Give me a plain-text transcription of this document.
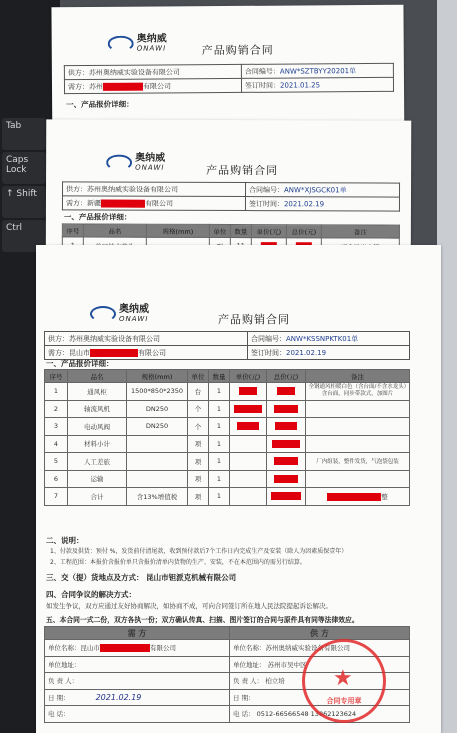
Tab
Caps Lock
↑ Shift
Ctrl
奥纳威
ONAWI	产品购销合同
供方：苏州奥纳威实验设备有限公司	合同编号：ANW*SZTBYY20201单
需方：苏州 有限公司	签订时间：2021.01.25
一、产品报价详细：
奥纳威
ONAWI	产品购销合同
供方：苏州奥纳威实验设备有限公司	合同编号：ANW*XJSGCK01单
需方：新疆 有限公司	签订时间：2021.02.19
一、产品报价详细：
序号	品名	规格(mm)	单位	数量	单价(元)	总价(元)	备注

奥纳威
ONAWI	产品购销合同
供方：苏州奥纳威实验设备有限公司	合同编号：ANW*KSSNPKTK01单
需方：昆山市 有限公司	签订时间：2021.02.19
一、产品报价详细：
序号	品名	规格(mm)	单位	数量	单价(元)	总价(元)	备注
1	通风柜	1500*850*2350	台	1			全钢通风柜暖白色（含台面/不含水龙头）含台面，同步带款式，加图片
2	轴流风机	DN250	个	1			
3	电动风阀	DN250	个	1			
4	材料小计		项	1			
5	人工差旅		项	1			厂内组装，整件发货，气泡袋包装
6	运输		项	1			
7	合计	含13%增值税	项	1			整
二、说明：
1、付款及供货：预付 %，发货前付清尾款，收到预付款后7个工作日内完成生产及安装（除人为因素质保壹年）
2、工程范围：本报价含报价单只含报价清单内货物的生产、安装，不在本范围内的需另行结算。
三、交（提）货地点及方式： 昆山市钽派克机械有限公司
四、合同争议的解决方式：
如发生争议，双方应通过友好协商解决，如协商不成，可向合同签订所在地人民法院提起诉讼解决。
五、本合同一式二份，双方各执一份；双方确认传真、扫描、图片签订的合同与原件具有同等法律效应。
需 方	供 方
单位名称：昆山市 有限公司	单位名称：苏州奥纳威实验设备有限公司
单位地址：	单位地址： 苏州市吴中区
负 责 人：	负 责 人： 柏立培
日 期： 2021.02.19	日 期：
电 话：	电 话： 0512-66566548 13862123624
★
合同专用章
